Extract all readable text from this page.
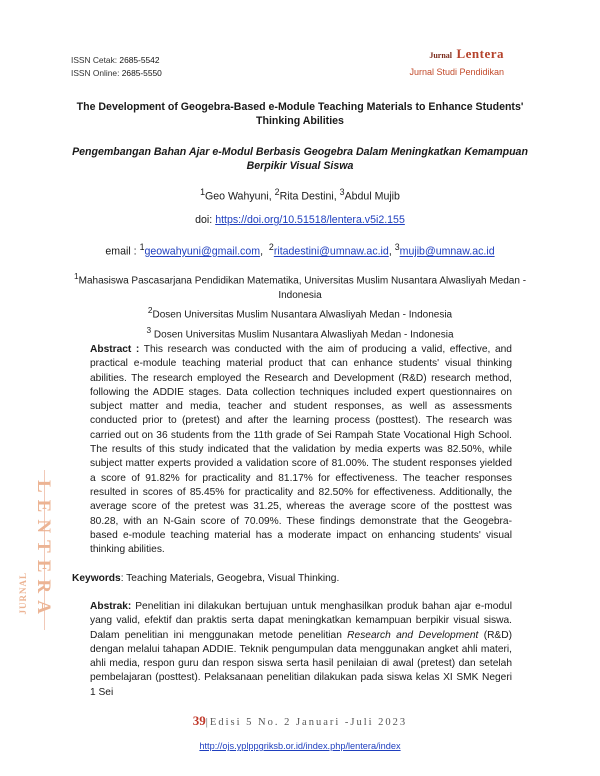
ISSN Cetak: 2685-5542
ISSN Online: 2685-5550
Jurnal Lentera
Jurnal Studi Pendidikan
The Development of Geogebra-Based e-Module Teaching Materials to Enhance Students' Thinking Abilities
Pengembangan Bahan Ajar e-Modul Berbasis Geogebra Dalam Meningkatkan Kemampuan Berpikir Visual Siswa
$^1$Geo Wahyuni, $^2$Rita Destini, $^3$Abdul Mujib
doi: https://doi.org/10.51518/lentera.v5i2.155
email : $^1$geowahyuni@gmail.com,  $^2$ritadestini@umnaw.ac.id, $^3$mujib@umnaw.ac.id
$^1$Mahasiswa Pascasarjana Pendidikan Matematika, Universitas Muslim Nusantara Alwasliyah Medan - Indonesia
$^2$Dosen Universitas Muslim Nusantara Alwasliyah Medan - Indonesia
$^3$ Dosen Universitas Muslim Nusantara Alwasliyah Medan - Indonesia
Abstract : This research was conducted with the aim of producing a valid, effective, and practical e-module teaching material product that can enhance students' visual thinking abilities. The research employed the Research and Development (R&D) research method, following the ADDIE stages. Data collection techniques included expert questionnaires on subject matter and media, teacher and student responses, as well as assessments conducted prior to (pretest) and after the learning process (posttest). The research was carried out on 36 students from the 11th grade of Sei Rampah State Vocational High School. The results of this study indicated that the validation by media experts was 82.50%, while subject matter experts provided a validation score of 81.00%. The student responses yielded a score of 91.82% for practicality and 81.17% for effectiveness. The teacher responses resulted in scores of 85.45% for practicality and 82.50% for effectiveness. Additionally, the average score of the pretest was 31.25, whereas the average score of the posttest was 80.28, with an N-Gain score of 70.09%. These findings demonstrate that the Geogebra-based e-module teaching material has a moderate impact on enhancing students' visual thinking abilities.
Keywords: Teaching Materials, Geogebra, Visual Thinking.
Abstrak: Penelitian ini dilakukan bertujuan untuk menghasilkan produk bahan ajar e-modul yang valid, efektif dan praktis serta dapat meningkatkan kemampuan berpikir visual siswa. Dalam penelitian ini menggunakan metode penelitian Research and Development (R&D) dengan melalui tahapan ADDIE. Teknik pengumpulan data menggunakan angket ahli materi, ahli media, respon guru dan respon siswa serta hasil penilaian di awal (pretest) dan setelah pembelajaran (posttest). Pelaksanaan penelitian dilakukan pada siswa kelas XI SMK Negeri 1 Sei
LENTERA
JURNAL
39|Edisi 5 No. 2 Januari -Juli 2023
http://ojs.yplppgriksb.or.id/index.php/lentera/index
